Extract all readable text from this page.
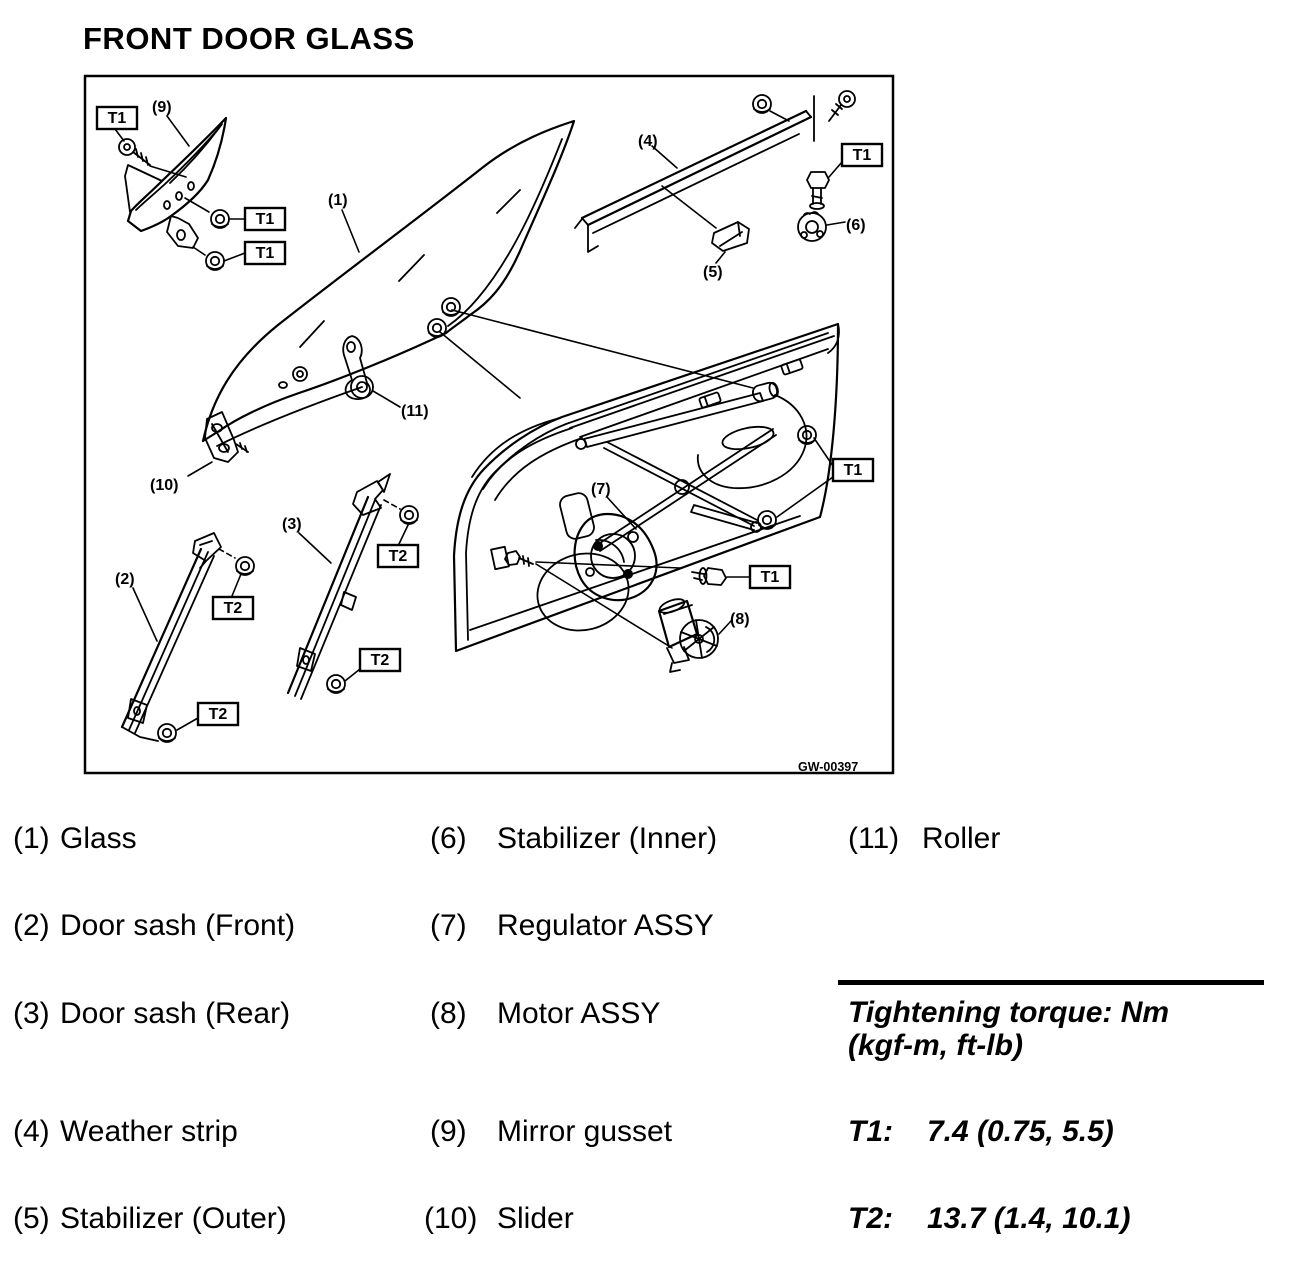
FRONT DOOR GLASS
T1
T1
T1
T1
T1
T1
T2
T2
T2
T2
(9)
(1)
(4)
(5)
(6)
(11)
(10)
(2)
(3)
(7)
(8)
GW-00397
(1) Glass
(2) Door sash (Front)
(3) Door sash (Rear)
(4) Weather strip
(5) Stabilizer (Outer)
(6) Stabilizer (Inner)
(7) Regulator ASSY
(8) Motor ASSY
(9) Mirror gusset
(10) Slider
(11) Roller
Tightening torque: Nm
(kgf-m, ft-lb)
T1: 7.4 (0.75, 5.5)
T2: 13.7 (1.4, 10.1)
